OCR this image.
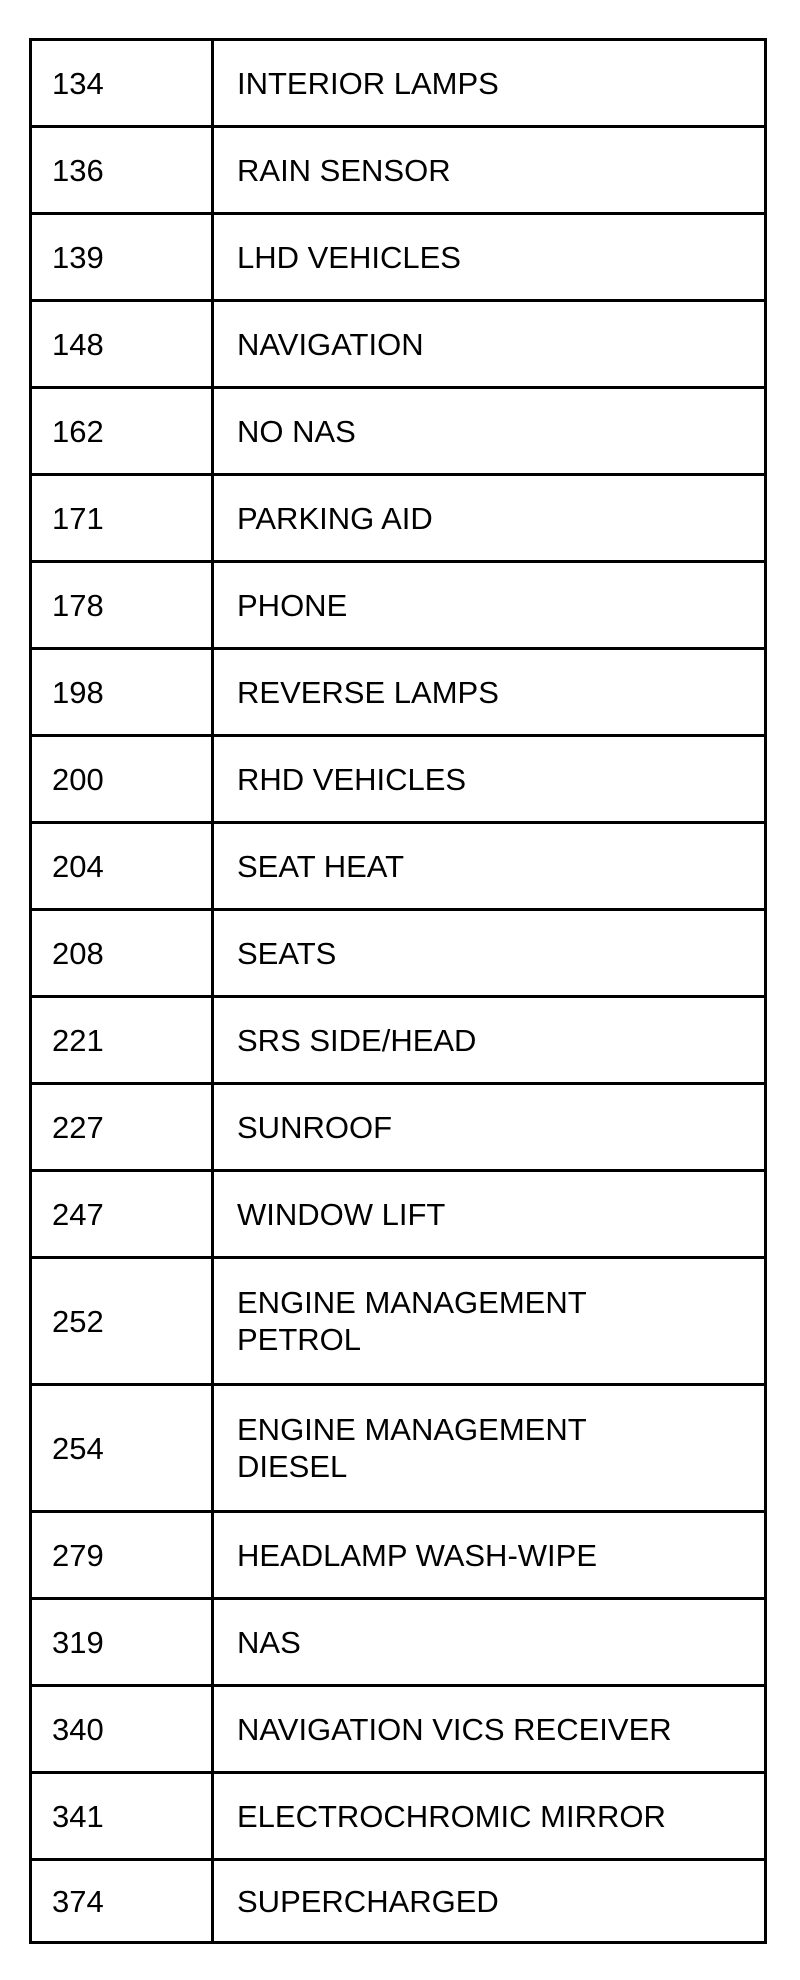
134	INTERIOR LAMPS

136	RAIN SENSOR

139	LHD VEHICLES

148	NAVIGATION

162	NO NAS

171	PARKING AID

178	PHONE

198	REVERSE LAMPS

200	RHD VEHICLES

204	SEAT HEAT

208	SEATS

221	SRS SIDE/HEAD

227	SUNROOF

247	WINDOW LIFT

252	ENGINE MANAGEMENT
PETROL

254	ENGINE MANAGEMENT
DIESEL

279	HEADLAMP WASH-WIPE

319	NAS

340	NAVIGATION VICS RECEIVER

341	ELECTROCHROMIC MIRROR

374	SUPERCHARGED
